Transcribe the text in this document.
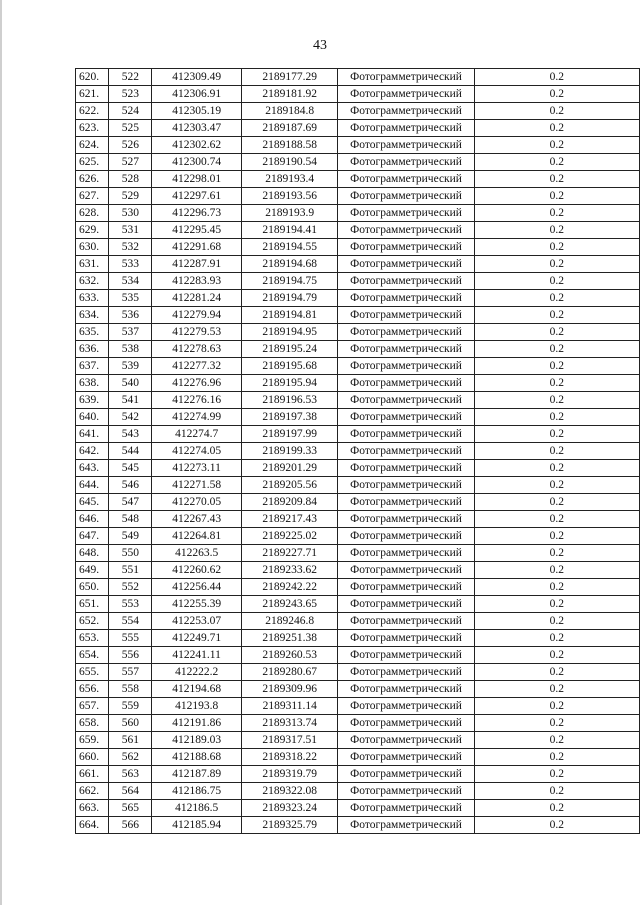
43
620.	522	412309.49	2189177.29	Фотограмметрический	0.2
621.	523	412306.91	2189181.92	Фотограмметрический	0.2
622.	524	412305.19	2189184.8	Фотограмметрический	0.2
623.	525	412303.47	2189187.69	Фотограмметрический	0.2
624.	526	412302.62	2189188.58	Фотограмметрический	0.2
625.	527	412300.74	2189190.54	Фотограмметрический	0.2
626.	528	412298.01	2189193.4	Фотограмметрический	0.2
627.	529	412297.61	2189193.56	Фотограмметрический	0.2
628.	530	412296.73	2189193.9	Фотограмметрический	0.2
629.	531	412295.45	2189194.41	Фотограмметрический	0.2
630.	532	412291.68	2189194.55	Фотограмметрический	0.2
631.	533	412287.91	2189194.68	Фотограмметрический	0.2
632.	534	412283.93	2189194.75	Фотограмметрический	0.2
633.	535	412281.24	2189194.79	Фотограмметрический	0.2
634.	536	412279.94	2189194.81	Фотограмметрический	0.2
635.	537	412279.53	2189194.95	Фотограмметрический	0.2
636.	538	412278.63	2189195.24	Фотограмметрический	0.2
637.	539	412277.32	2189195.68	Фотограмметрический	0.2
638.	540	412276.96	2189195.94	Фотограмметрический	0.2
639.	541	412276.16	2189196.53	Фотограмметрический	0.2
640.	542	412274.99	2189197.38	Фотограмметрический	0.2
641.	543	412274.7	2189197.99	Фотограмметрический	0.2
642.	544	412274.05	2189199.33	Фотограмметрический	0.2
643.	545	412273.11	2189201.29	Фотограмметрический	0.2
644.	546	412271.58	2189205.56	Фотограмметрический	0.2
645.	547	412270.05	2189209.84	Фотограмметрический	0.2
646.	548	412267.43	2189217.43	Фотограмметрический	0.2
647.	549	412264.81	2189225.02	Фотограмметрический	0.2
648.	550	412263.5	2189227.71	Фотограмметрический	0.2
649.	551	412260.62	2189233.62	Фотограмметрический	0.2
650.	552	412256.44	2189242.22	Фотограмметрический	0.2
651.	553	412255.39	2189243.65	Фотограмметрический	0.2
652.	554	412253.07	2189246.8	Фотограмметрический	0.2
653.	555	412249.71	2189251.38	Фотограмметрический	0.2
654.	556	412241.11	2189260.53	Фотограмметрический	0.2
655.	557	412222.2	2189280.67	Фотограмметрический	0.2
656.	558	412194.68	2189309.96	Фотограмметрический	0.2
657.	559	412193.8	2189311.14	Фотограмметрический	0.2
658.	560	412191.86	2189313.74	Фотограмметрический	0.2
659.	561	412189.03	2189317.51	Фотограмметрический	0.2
660.	562	412188.68	2189318.22	Фотограмметрический	0.2
661.	563	412187.89	2189319.79	Фотограмметрический	0.2
662.	564	412186.75	2189322.08	Фотограмметрический	0.2
663.	565	412186.5	2189323.24	Фотограмметрический	0.2
664.	566	412185.94	2189325.79	Фотограмметрический	0.2
